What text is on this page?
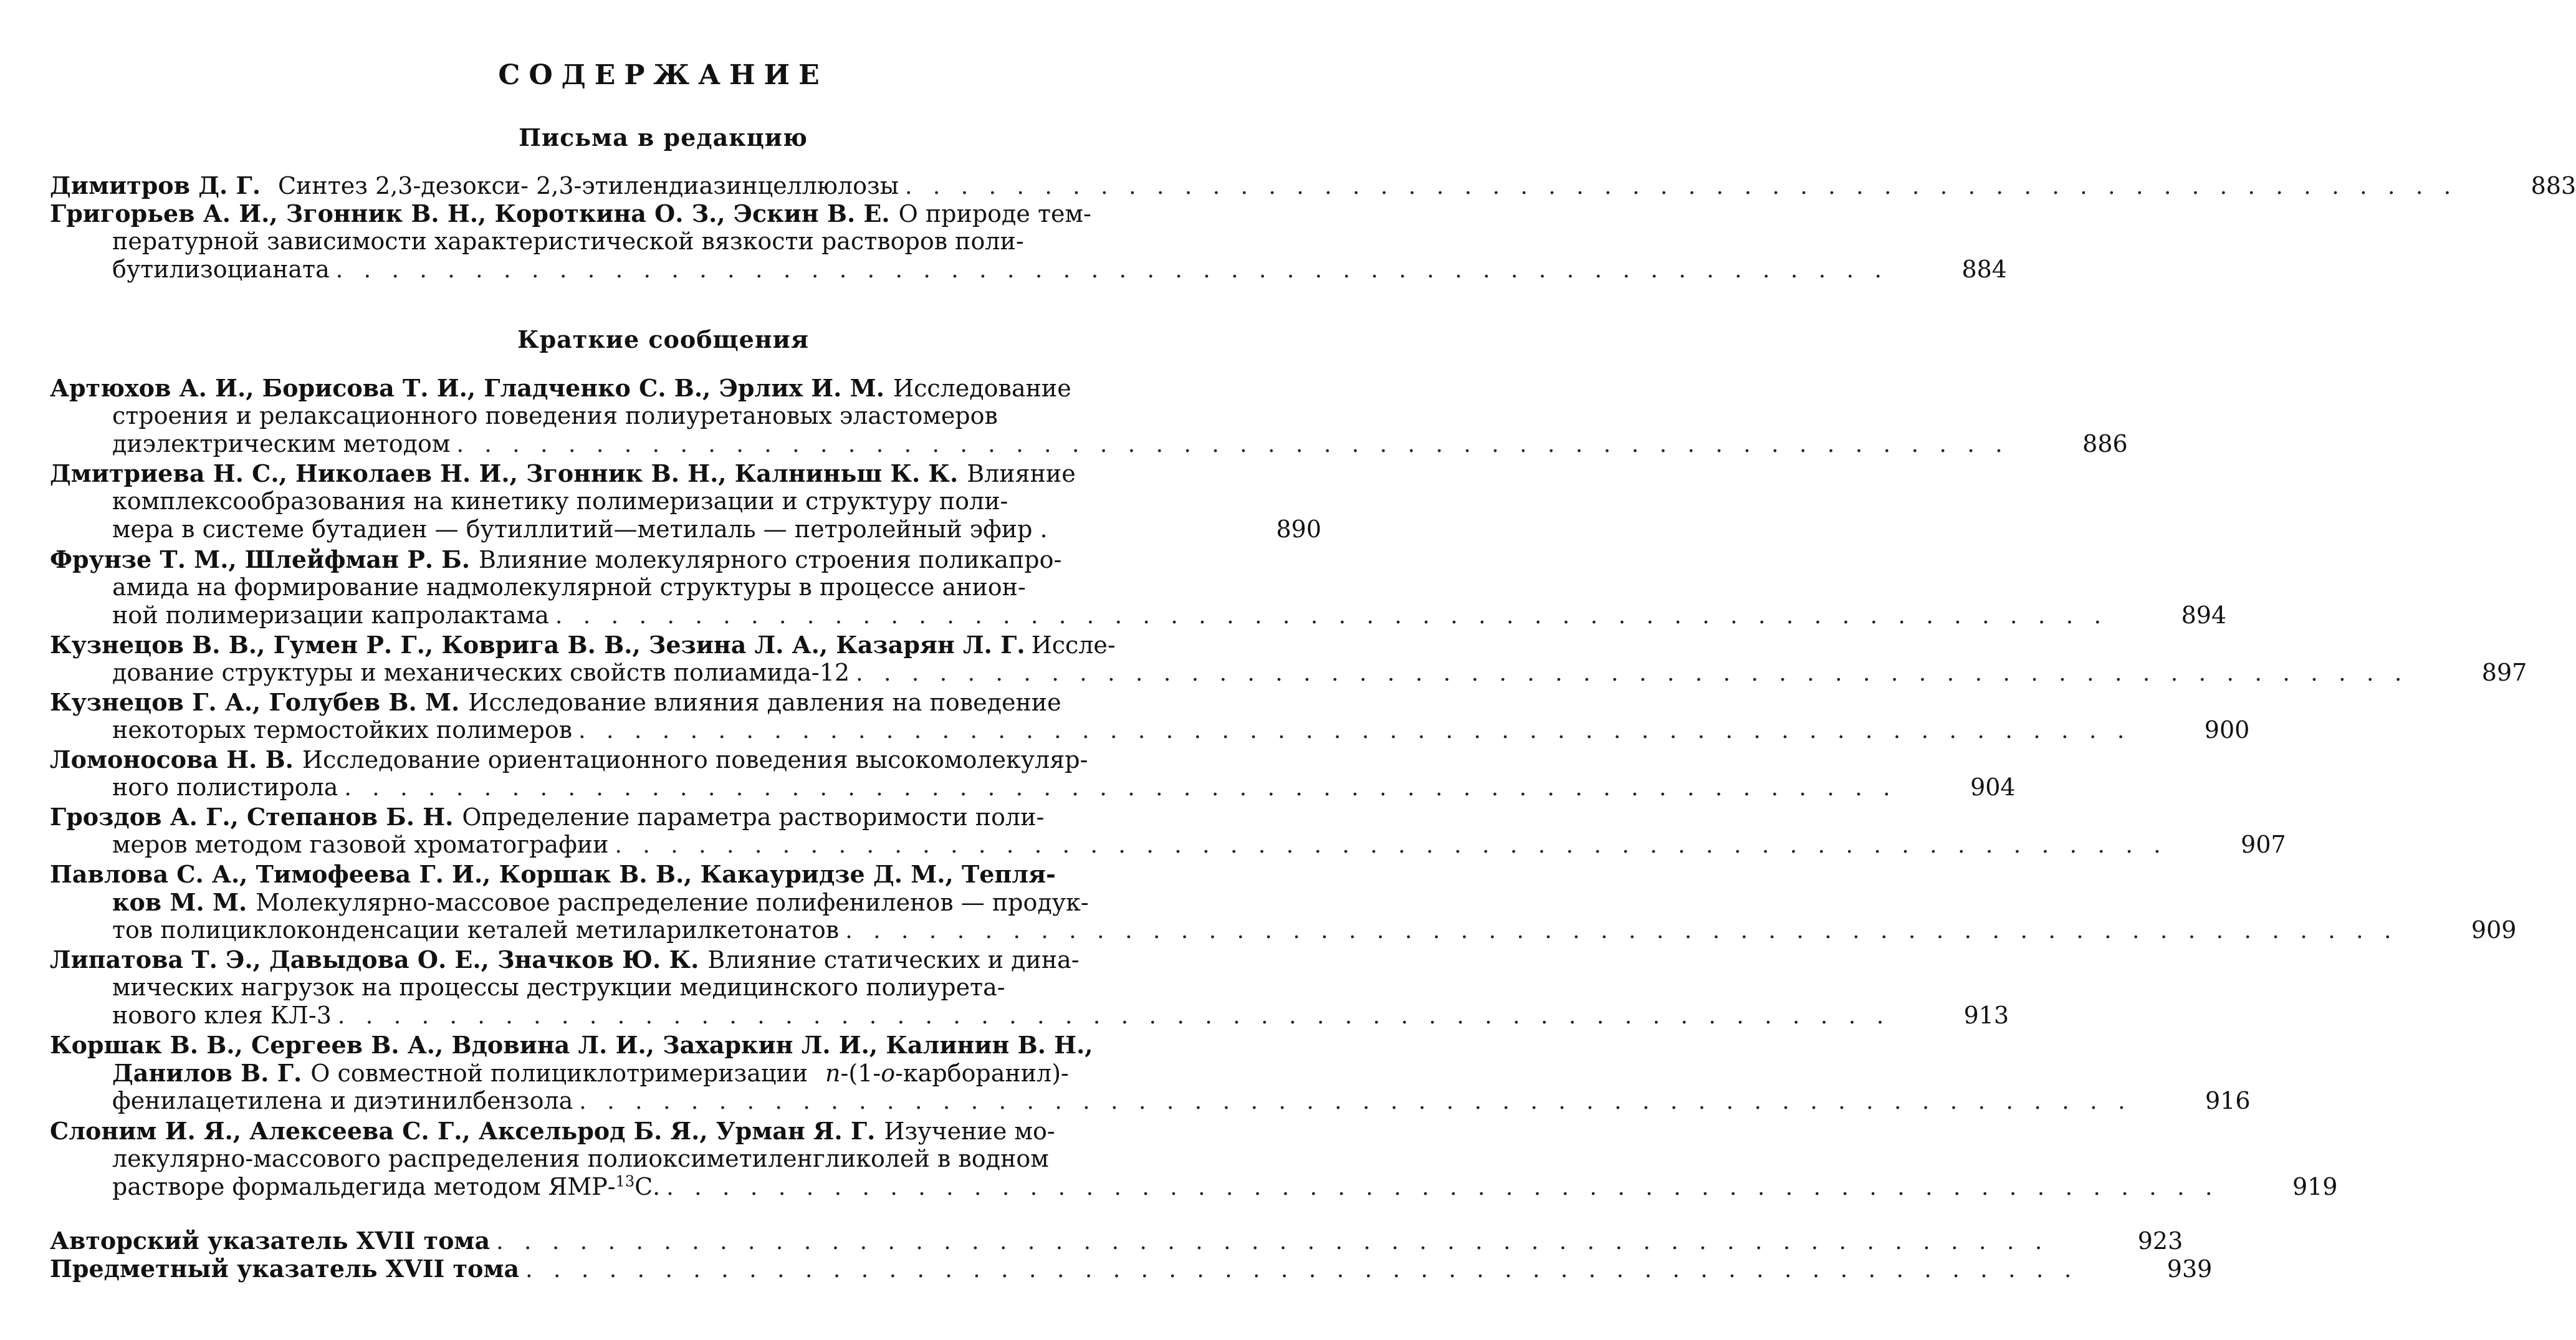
СОДЕРЖАНИЕ
Письма в редакцию
Димитров Д. Г. Синтез 2,3-дезокси- 2,3-этилендиазинцеллюлозы . . . . . . . . . . . . . . . . . . . . . . . . . . . . . . . . . . . . . . . . . . . . . . . . . . . . . . . .	883
Григорьев А. И., Згонник В. Н., Короткина О. З., Эскин В. Е. О природе тем-
пературной зависимости характеристической вязкости растворов поли-
бутилизоцианата . . . . . . . . . . . . . . . . . . . . . . . . . . . . . . . . . . . . . . . . . . . . . . . . . . . . . . . .	884
Краткие сообщения
Артюхов А. И., Борисова Т. И., Гладченко С. В., Эрлих И. М. Исследование
строения и релаксационного поведения полиуретановых эластомеров
диэлектрическим методом . . . . . . . . . . . . . . . . . . . . . . . . . . . . . . . . . . . . . . . . . . . . . . . . . . . . . . . .	886
Дмитриева Н. С., Николаев Н. И., Згонник В. Н., Калниньш К. К. Влияние
комплексообразования на кинетику полимеризации и структуру поли-
мера в системе бутадиен — бутиллитий—метилаль — петролейный эфир .	890
Фрунзе Т. М., Шлейфман Р. Б. Влияние молекулярного строения поликапро-
амида на формирование надмолекулярной структуры в процессе анион-
ной полимеризации капролактама . . . . . . . . . . . . . . . . . . . . . . . . . . . . . . . . . . . . . . . . . . . . . . . . . . . . . . . .	894
Кузнецов В. В., Гумен Р. Г., Коврига В. В., Зезина Л. А., Казарян Л. Г. Иссле-
дование структуры и механических свойств полиамида-12 . . . . . . . . . . . . . . . . . . . . . . . . . . . . . . . . . . . . . . . . . . . . . . . . . . . . . . . .	897
Кузнецов Г. А., Голубев В. М. Исследование влияния давления на поведение
некоторых термостойких полимеров . . . . . . . . . . . . . . . . . . . . . . . . . . . . . . . . . . . . . . . . . . . . . . . . . . . . . . . .	900
Ломоносова Н. В. Исследование ориентационного поведения высокомолекуляр-
ного полистирола . . . . . . . . . . . . . . . . . . . . . . . . . . . . . . . . . . . . . . . . . . . . . . . . . . . . . . . .	904
Гроздов А. Г., Степанов Б. Н. Определение параметра растворимости поли-
меров методом газовой хроматографии . . . . . . . . . . . . . . . . . . . . . . . . . . . . . . . . . . . . . . . . . . . . . . . . . . . . . . . .	907
Павлова С. А., Тимофеева Г. И., Коршак В. В., Какауридзе Д. М., Тепля-
ков М. М. Молекулярно-массовое распределение полифениленов — продук-
тов полициклоконденсации кеталей метиларилкетонатов . . . . . . . . . . . . . . . . . . . . . . . . . . . . . . . . . . . . . . . . . . . . . . . . . . . . . . . .	909
Липатова Т. Э., Давыдова О. Е., Значков Ю. К. Влияние статических и дина-
мических нагрузок на процессы деструкции медицинского полиурета-
нового клея КЛ-3 . . . . . . . . . . . . . . . . . . . . . . . . . . . . . . . . . . . . . . . . . . . . . . . . . . . . . . . .	913
Коршак В. В., Сергеев В. А., Вдовина Л. И., Захаркин Л. И., Калинин В. Н.,
Данилов В. Г. О совместной полициклотримеризации п -(1- о -карборанил)-
фенилацетилена и диэтинилбензола . . . . . . . . . . . . . . . . . . . . . . . . . . . . . . . . . . . . . . . . . . . . . . . . . . . . . . . .	916
Слоним И. Я., Алексеева С. Г., Аксельрод Б. Я., Урман Я. Г. Изучение мо-
лекулярно-массового распределения полиоксиметиленгликолей в водном
растворе формальдегида методом ЯМР-$^{13}$С. . . . . . . . . . . . . . . . . . . . . . . . . . . . . . . . . . . . . . . . . . . . . . . . . . . . . . . . .	919
Авторский указатель XVII тома . . . . . . . . . . . . . . . . . . . . . . . . . . . . . . . . . . . . . . . . . . . . . . . . . . . . . . . .	923
Предметный указатель XVII тома . . . . . . . . . . . . . . . . . . . . . . . . . . . . . . . . . . . . . . . . . . . . . . . . . . . . . . . .	939
